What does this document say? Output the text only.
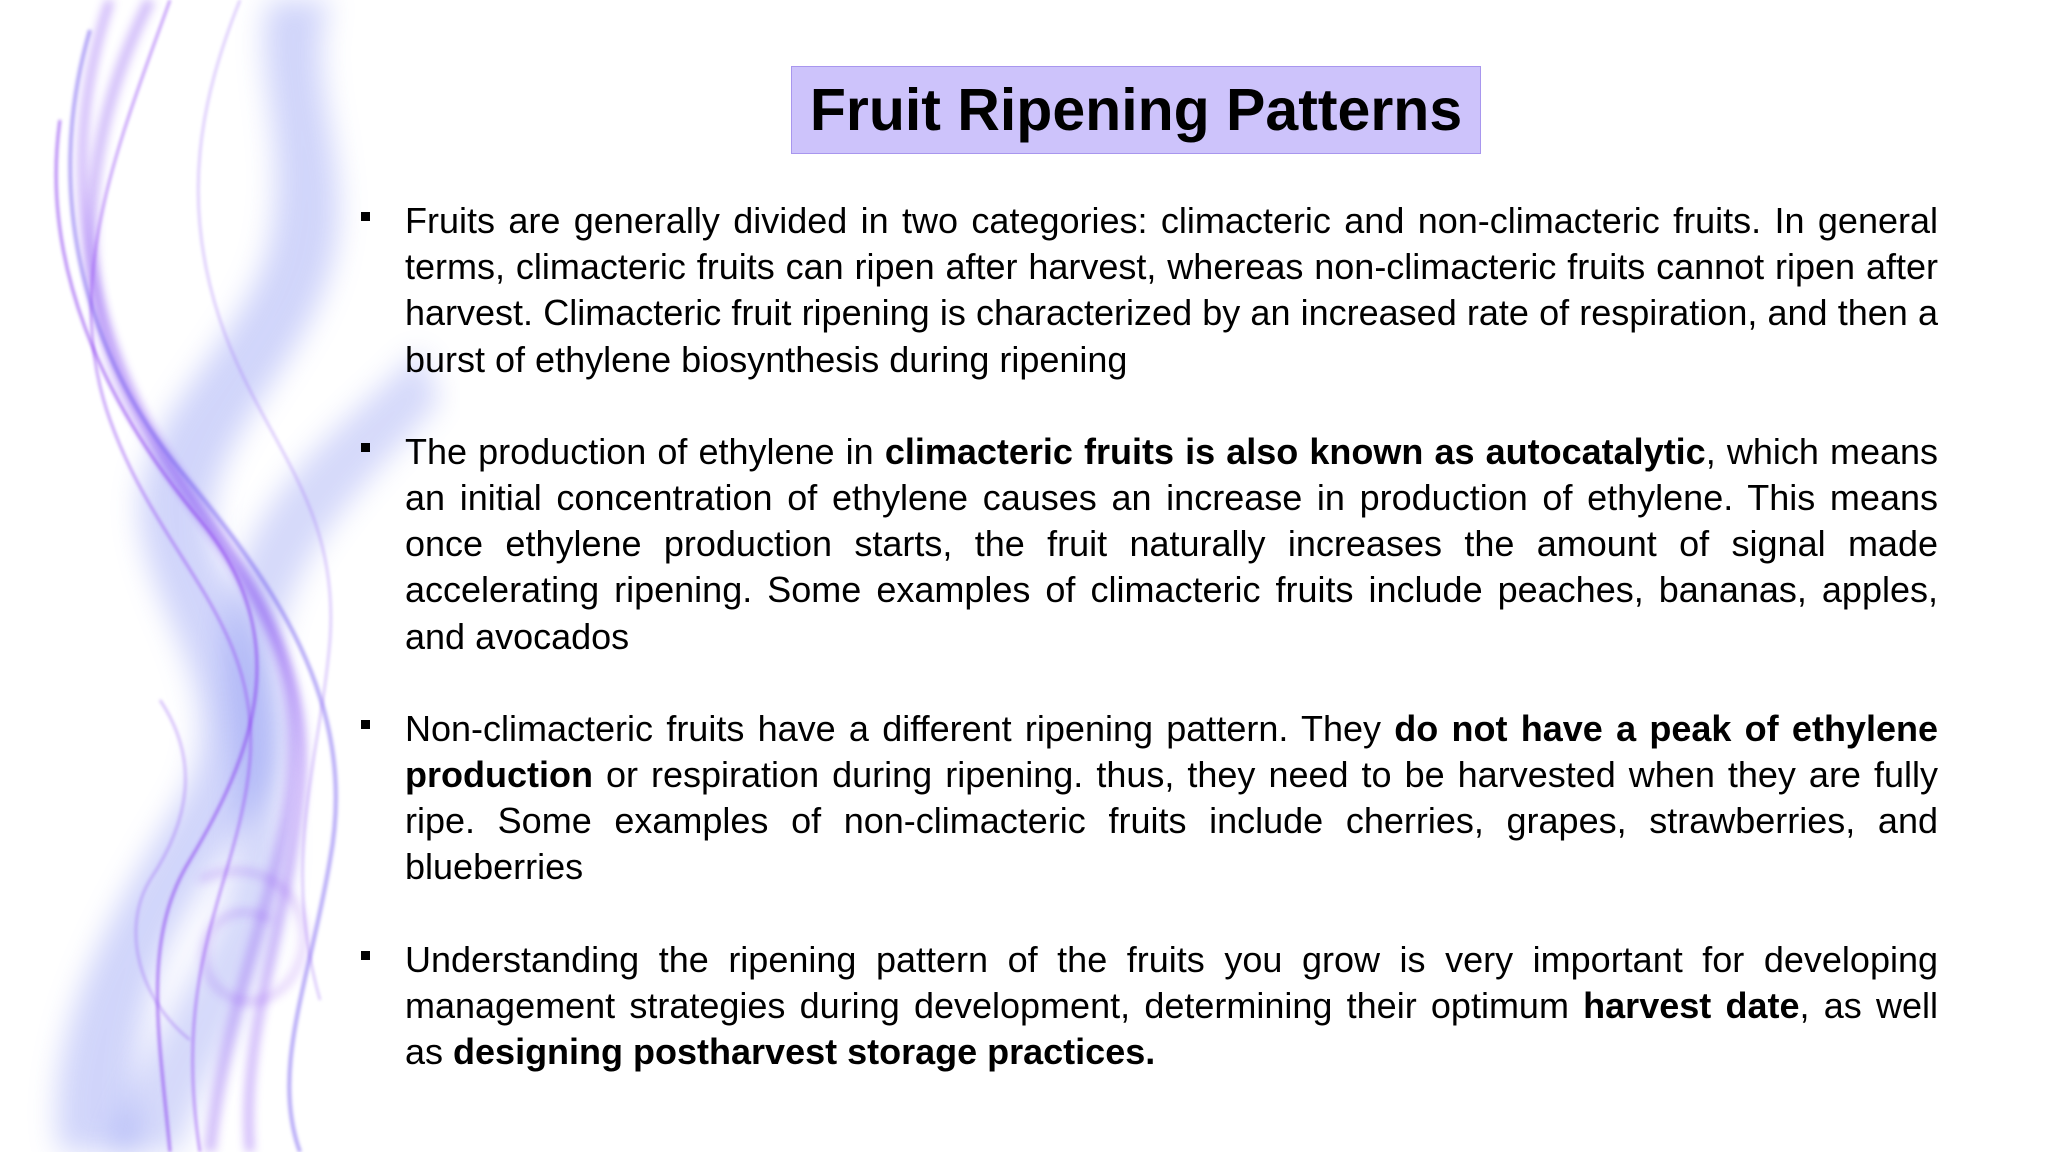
Fruit Ripening Patterns
Fruits are generally divided in two categories: climacteric and non-climacteric fruits. In general terms, climacteric fruits can ripen after harvest, whereas non-climacteric fruits cannot ripen after harvest. Climacteric fruit ripening is characterized by an increased rate of respiration, and then a burst of ethylene biosynthesis during ripening
The production of ethylene in climacteric fruits is also known as autocatalytic, which means an initial concentration of ethylene causes an increase in production of ethylene. This means once ethylene production starts, the fruit naturally increases the amount of signal made accelerating ripening. Some examples of climacteric fruits include peaches, bananas, apples, and avocados
Non-climacteric fruits have a different ripening pattern. They do not have a peak of ethylene production or respiration during ripening. thus, they need to be harvested when they are fully ripe. Some examples of non-climacteric fruits include cherries, grapes, strawberries, and blueberries
Understanding the ripening pattern of the fruits you grow is very important for developing management strategies during development, determining their optimum harvest date, as well as designing postharvest storage practices.
